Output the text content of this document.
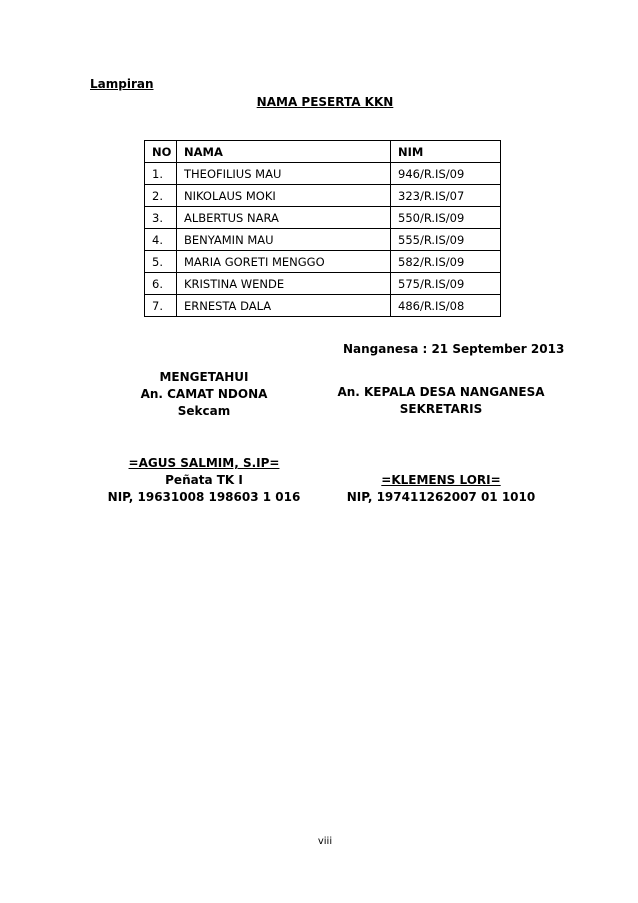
Lampiran
NAMA PESERTA KKN
NO	NAMA	NIM
1.	THEOFILIUS MAU	946/R.IS/09
2.	NIKOLAUS MOKI	323/R.IS/07
3.	ALBERTUS NARA	550/R.IS/09
4.	BENYAMIN MAU	555/R.IS/09
5.	MARIA GORETI MENGGO	582/R.IS/09
6.	KRISTINA WENDE	575/R.IS/09
7.	ERNESTA DALA	486/R.IS/08
Nanganesa : 21 September 2013
MENGETAHUI
An. CAMAT NDONA
Sekcam
An. KEPALA DESA NANGANESA
SEKRETARIS
=AGUS SALMIM, S.IP=
Peñata TK I
NIP, 19631008 198603 1 016
=KLEMENS LORI=
NIP, 197411262007 01 1010
viii
